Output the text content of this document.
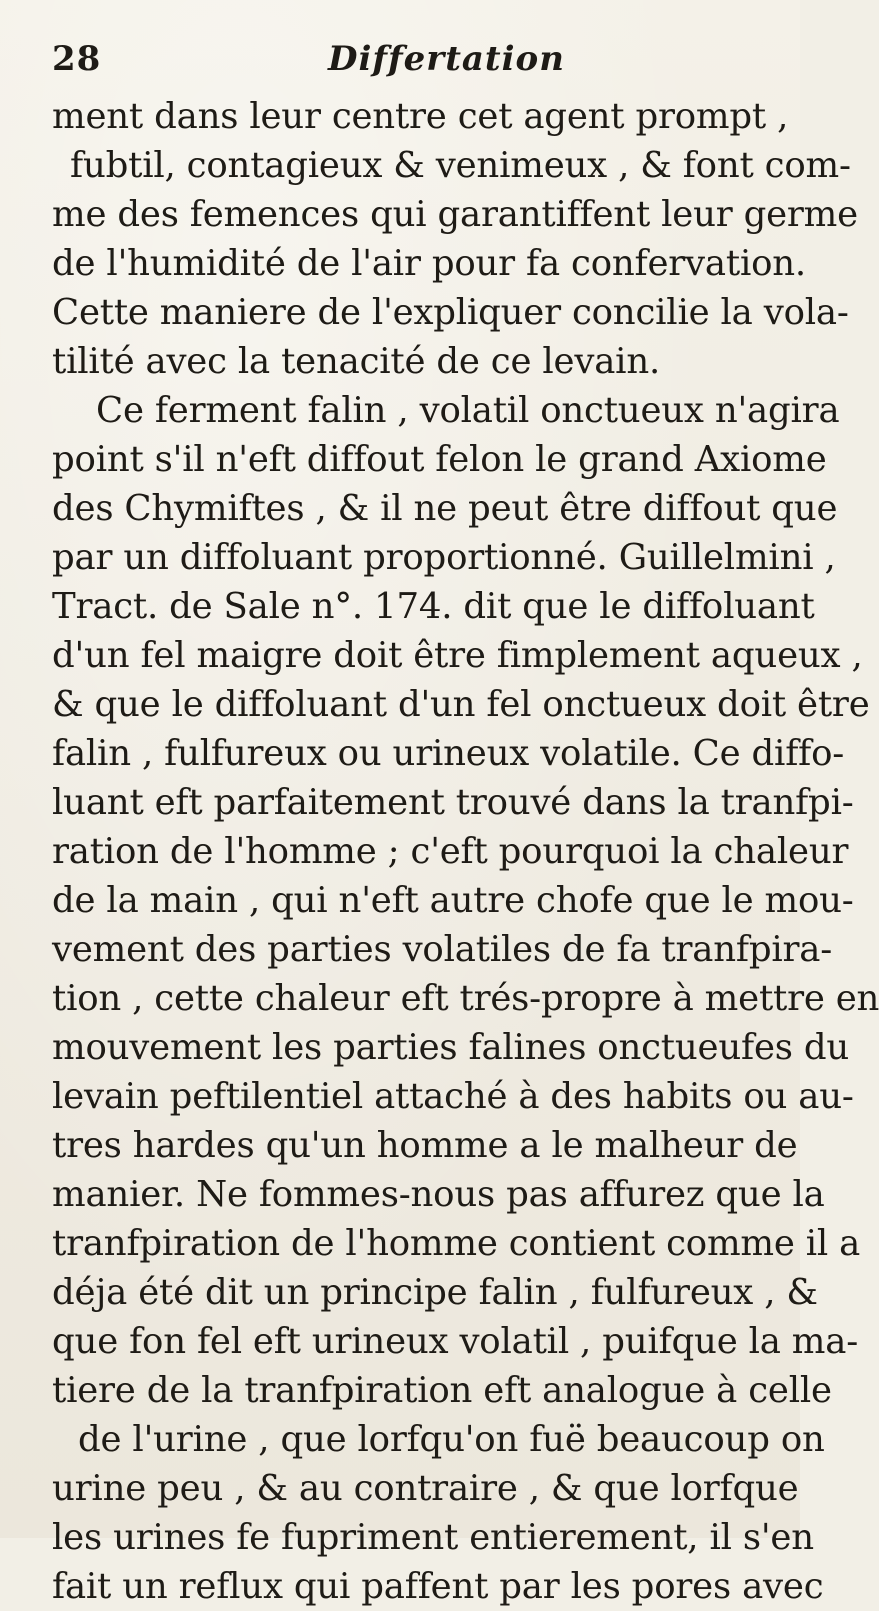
28	Differtation
ment dans leur centre cet agent prompt ,
fubtil, contagieux & venimeux , & font com-
me des femences qui garantiffent leur germe
de l'humidité de l'air pour fa confervation.
Cette maniere de l'expliquer concilie la vola-
tilité avec la tenacité de ce levain.
Ce ferment falin , volatil onctueux n'agira
point s'il n'eft diffout felon le grand Axiome
des Chymiftes , & il ne peut être diffout que
par un diffoluant proportionné. Guillelmini ,
Tract. de Sale n°. 174. dit que le diffoluant
d'un fel maigre doit être fimplement aqueux ,
& que le diffoluant d'un fel onctueux doit être
falin , fulfureux ou urineux volatile. Ce diffo-
luant eft parfaitement trouvé dans la tranfpi-
ration de l'homme ; c'eft pourquoi la chaleur
de la main , qui n'eft autre chofe que le mou-
vement des parties volatiles de fa tranfpira-
tion , cette chaleur eft trés-propre à mettre en
mouvement les parties falines onctueufes du
levain peftilentiel attaché à des habits ou au-
tres hardes qu'un homme a le malheur de
manier. Ne fommes-nous pas affurez que la
tranfpiration de l'homme contient comme il a
déja été dit un principe falin , fulfureux , &
que fon fel eft urineux volatil , puifque la ma-
tiere de la tranfpiration eft analogue à celle
de l'urine , que lorfqu'on fuë beaucoup on
urine peu , & au contraire , & que lorfque
les urines fe fupriment entierement, il s'en
fait un reflux qui paffent par les pores avec
